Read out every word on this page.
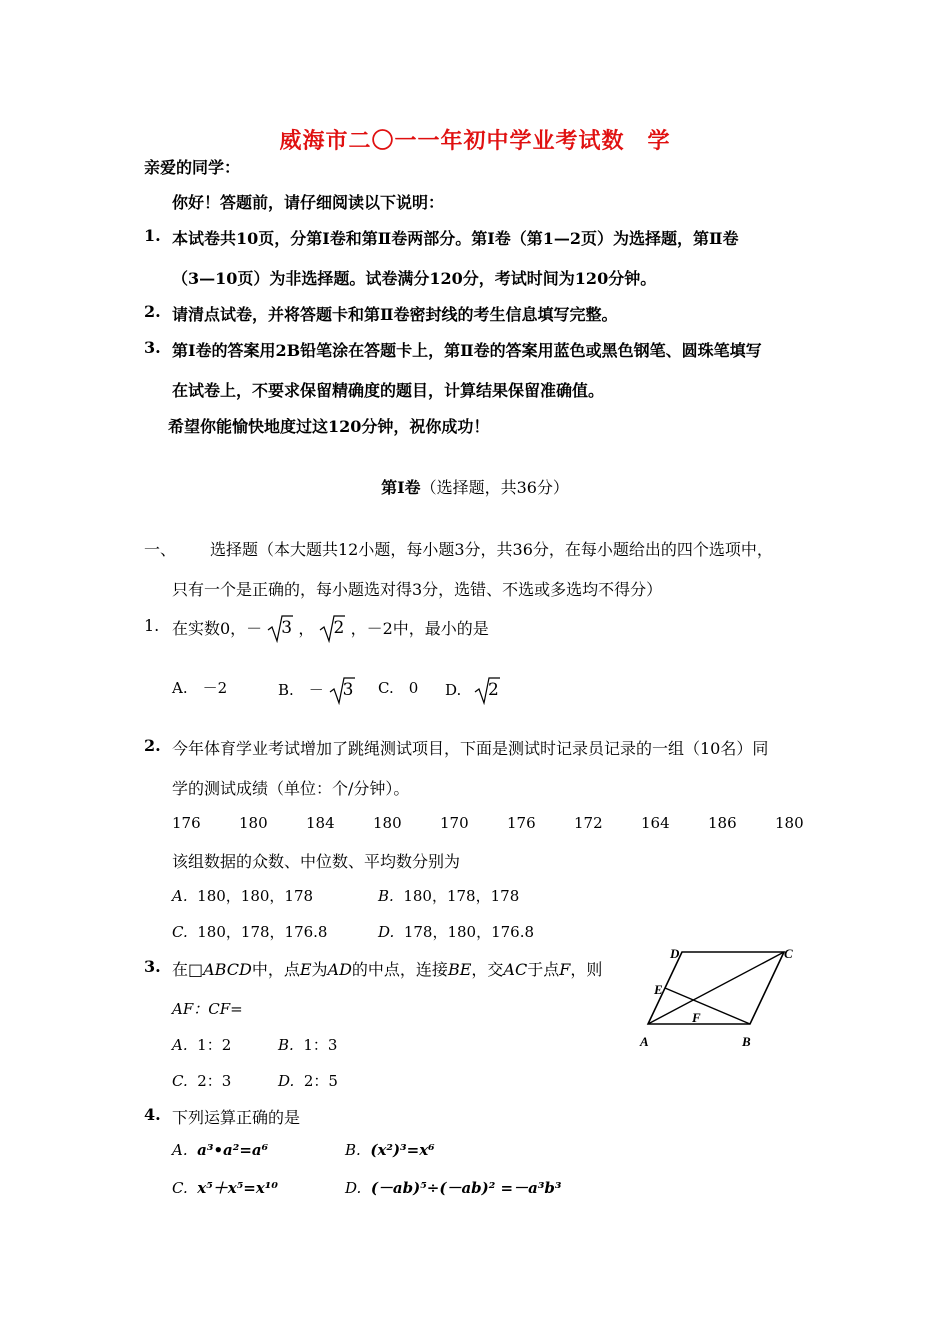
威海市二〇一一年初中学业考试数　学
亲爱的同学：
你好！答题前，请仔细阅读以下说明：
1. 本试卷共10页，分第Ⅰ卷和第Ⅱ卷两部分。第Ⅰ卷（第1—2页）为选择题，第Ⅱ卷
（3—10页）为非选择题。试卷满分120分，考试时间为120分钟。
2. 请清点试卷，并将答题卡和第Ⅱ卷密封线的考生信息填写完整。
3. 第Ⅰ卷的答案用2B铅笔涂在答题卡上，第Ⅱ卷的答案用蓝色或黑色钢笔、圆珠笔填写
在试卷上，不要求保留精确度的题目，计算结果保留准确值。
希望你能愉快地度过这120分钟，祝你成功！
第Ⅰ卷（选择题，共36分）
一、 选择题（本大题共12小题，每小题3分，共36分，在每小题给出的四个选项中，
只有一个是正确的，每小题选对得3分，选错、不选或多选均不得分）
1. 在实数0，－ 3 ， 2 ，－2中，最小的是
A.　－2	B.　－ 3 C.　0 D. 2
2. 今年体育学业考试增加了跳绳测试项目，下面是测试时记录员记录的一组（10名）同
学的测试成绩（单位：个/分钟）。
176	180	184	180	170	176	172	164	186	180
该组数据的众数、中位数、平均数分别为
A. 180，180，178	B. 180，178，178
C. 180，178，176.8	D. 178，180，176.8
3. 在□ABCD中，点E为AD的中点，连接BE，交AC于点F，则
AF：CF=
A. 1：2	B. 1：3
C. 2：3	D. 2：5
D	C
E
F
A	B
4. 下列运算正确的是
A. a³•a²=a⁶	B. (x²)³=x⁶
C. x⁵＋x⁵=x¹⁰	D. (－ab)⁵÷(－ab)² =－a³b³
